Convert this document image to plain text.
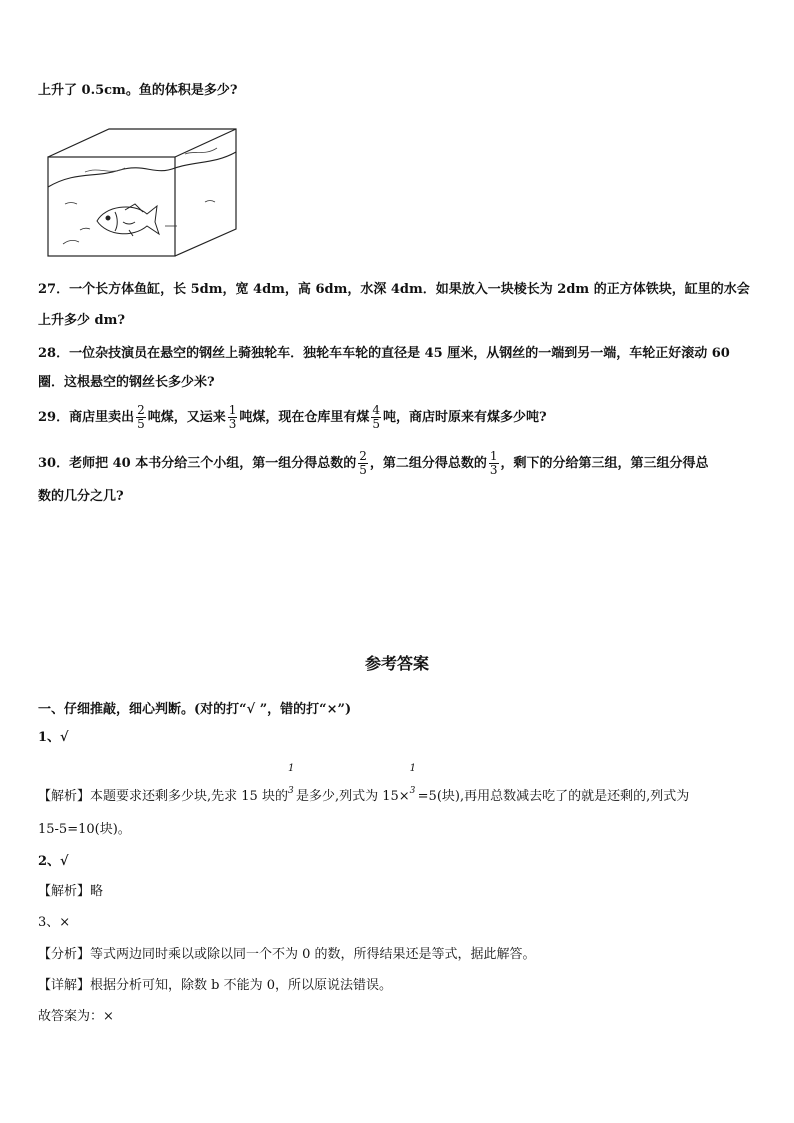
上升了 0.5cm。鱼的体积是多少?
27．一个长方体鱼缸，长 5dm，宽 4dm，高 6dm，水深 4dm．如果放入一块棱长为 2dm 的正方体铁块，缸里的水会
上升多少 dm?
28．一位杂技演员在悬空的钢丝上骑独轮车．独轮车车轮的直径是 45 厘米，从钢丝的一端到另一端，车轮正好滚动 60
圈．这根悬空的钢丝长多少米?
29．商店里卖出 $\frac{2}{5}$ 吨煤，又运来 $\frac{1}{3}$ 吨煤，现在仓库里有煤 $\frac{4}{5}$ 吨，商店时原来有煤多少吨?
30．老师把 40 本书分给三个小组，第一组分得总数的 $\frac{2}{5}$ ，第二组分得总数的 $\frac{1}{3}$ ，剩下的分给第三组，第三组分得总
数的几分之几?
参考答案
一、仔细推敲，细心判断。(对的打“√ ”，错的打“×”)
1、√
【解析】本题要求还剩多少块,先求 15 块的
1
3 是多少,列式为 15×
1
3 =5(块),再用总数减去吃了的就是还剩的,列式为
15-5=10(块)。
2、√
【解析】略
3、×
【分析】等式两边同时乘以或除以同一个不为 0 的数，所得结果还是等式，据此解答。
【详解】根据分析可知，除数 b 不能为 0，所以原说法错误。
故答案为：×
